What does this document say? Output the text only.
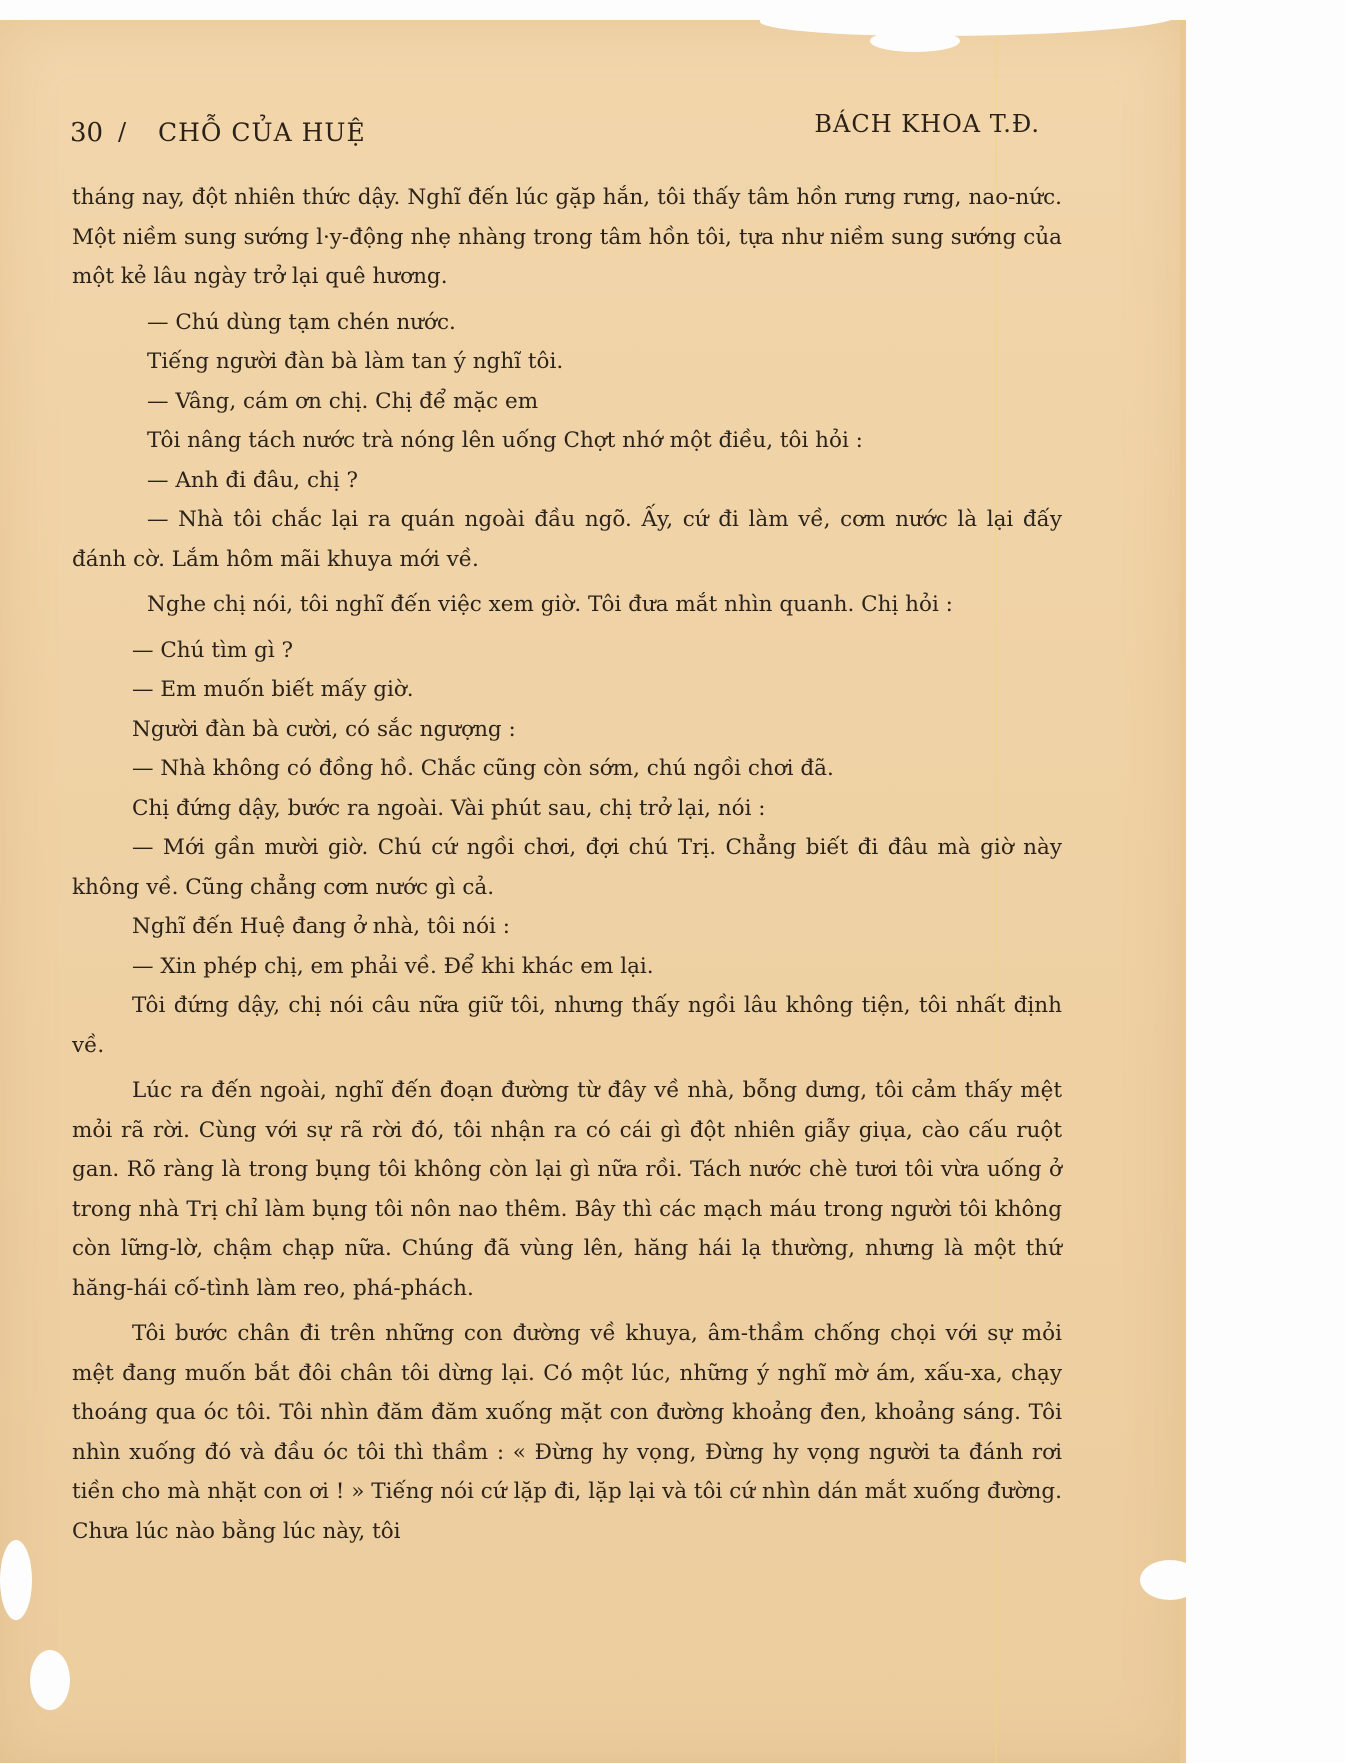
30 / CHỖ CỦA HUỆ	BÁCH KHOA T.Đ.

tháng nay, đột nhiên thức dậy. Nghĩ đến lúc gặp hắn, tôi thấy tâm hồn rưng rưng, nao-nức. Một niềm sung sướng l·y-động nhẹ nhàng trong tâm hồn tôi, tựa như niềm sung sướng của một kẻ lâu ngày trở lại quê hương.

— Chú dùng tạm chén nước.

Tiếng người đàn bà làm tan ý nghĩ tôi.

— Vâng, cám ơn chị. Chị để mặc em

Tôi nâng tách nước trà nóng lên uống Chợt nhớ một điều, tôi hỏi :

— Anh đi đâu, chị ?

— Nhà tôi chắc lại ra quán ngoài đầu ngõ. Ấy, cứ đi làm về, cơm nước là lại đấy đánh cờ. Lắm hôm mãi khuya mới về.

Nghe chị nói, tôi nghĩ đến việc xem giờ. Tôi đưa mắt nhìn quanh. Chị hỏi :

— Chú tìm gì ?

— Em muốn biết mấy giờ.

Người đàn bà cười, có sắc ngượng :

— Nhà không có đồng hồ. Chắc cũng còn sớm, chú ngồi chơi đã.

Chị đứng dậy, bước ra ngoài. Vài phút sau, chị trở lại, nói :

— Mới gần mười giờ. Chú cứ ngồi chơi, đợi chú Trị. Chẳng biết đi đâu mà giờ này không về. Cũng chẳng cơm nước gì cả.

Nghĩ đến Huệ đang ở nhà, tôi nói :

— Xin phép chị, em phải về. Để khi khác em lại.

Tôi đứng dậy, chị nói câu nữa giữ tôi, nhưng thấy ngồi lâu không tiện, tôi nhất định về.

Lúc ra đến ngoài, nghĩ đến đoạn đường từ đây về nhà, bỗng dưng, tôi cảm thấy mệt mỏi rã rời. Cùng với sự rã rời đó, tôi nhận ra có cái gì đột nhiên giẫy giụa, cào cấu ruột gan. Rõ ràng là trong bụng tôi không còn lại gì nữa rồi. Tách nước chè tươi tôi vừa uống ở trong nhà Trị chỉ làm bụng tôi nôn nao thêm. Bây thì các mạch máu trong người tôi không còn lững-lờ, chậm chạp nữa. Chúng đã vùng lên, hăng hái lạ thường, nhưng là một thứ hăng-hái cố-tình làm reo, phá-phách.

Tôi bước chân đi trên những con đường về khuya, âm-thầm chống chọi với sự mỏi mệt đang muốn bắt đôi chân tôi dừng lại. Có một lúc, những ý nghĩ mờ ám, xấu-xa, chạy thoáng qua óc tôi. Tôi nhìn đăm đăm xuống mặt con đường khoảng đen, khoảng sáng. Tôi nhìn xuống đó và đầu óc tôi thì thầm : « Đừng hy vọng, Đừng hy vọng người ta đánh rơi tiền cho mà nhặt con ơi ! » Tiếng nói cứ lặp đi, lặp lại và tôi cứ nhìn dán mắt xuống đường. Chưa lúc nào bằng lúc này, tôi
